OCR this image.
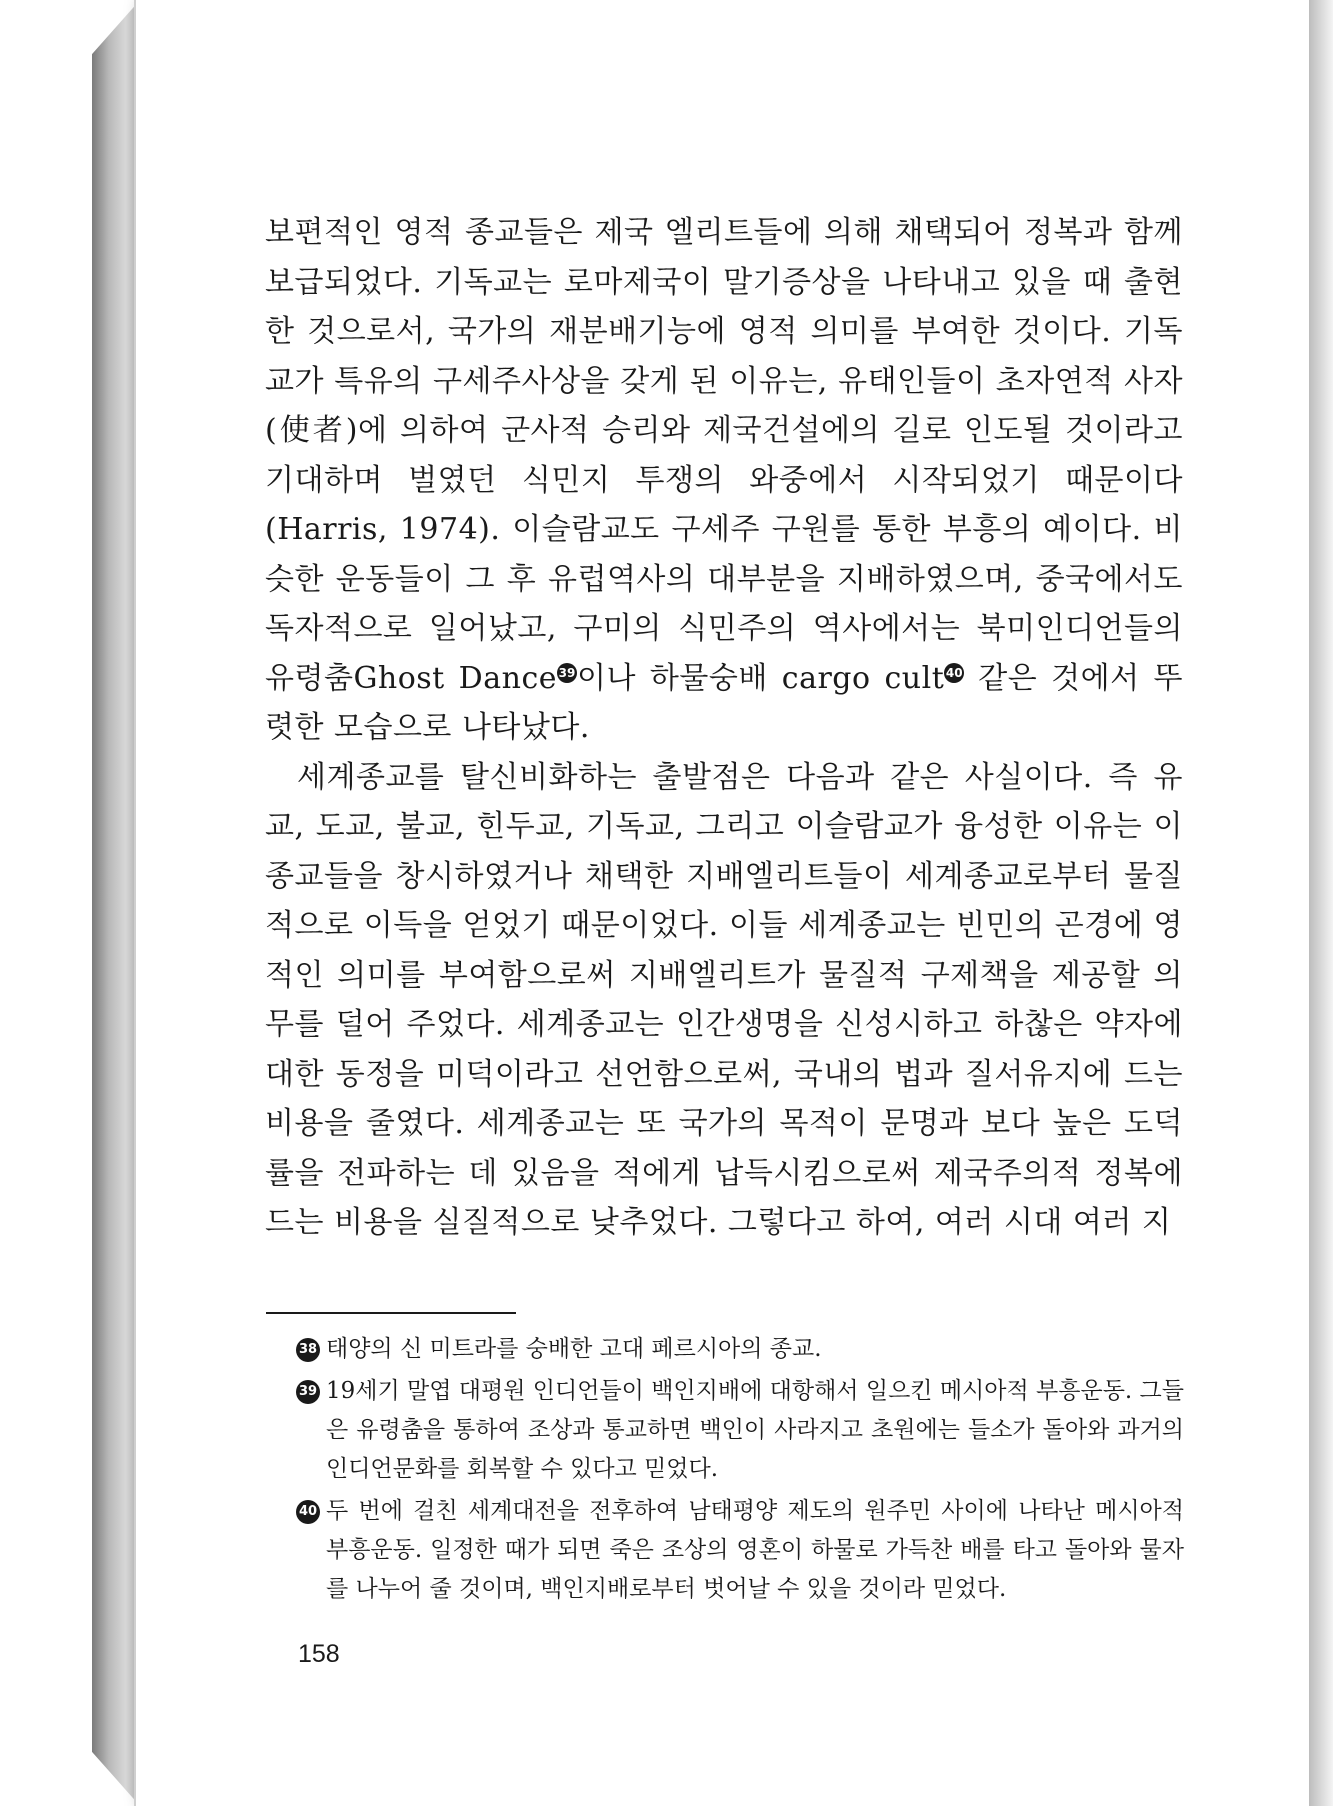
보편적인 영적 종교들은 제국 엘리트들에 의해 채택되어 정복과 함께 보급되었다. 기독교는 로마제국이 말기증상을 나타내고 있을 때 출현한 것으로서, 국가의 재분배기능에 영적 의미를 부여한 것이다. 기독교가 특유의 구세주사상을 갖게 된 이유는, 유태인들이 초자연적 사자(使者)에 의하여 군사적 승리와 제국건설에의 길로 인도될 것이라고 기대하며 벌였던 식민지 투쟁의 와중에서 시작되었기 때문이다(Harris, 1974). 이슬람교도 구세주 구원를 통한 부흥의 예이다. 비슷한 운동들이 그 후 유럽역사의 대부분을 지배하였으며, 중국에서도 독자적으로 일어났고, 구미의 식민주의 역사에서는 북미인디언들의 유령춤Ghost Dance 39이나 하물숭배 cargo cult 40 같은 것에서 뚜렷한 모습으로 나타났다.

세계종교를 탈신비화하는 출발점은 다음과 같은 사실이다. 즉 유교, 도교, 불교, 힌두교, 기독교, 그리고 이슬람교가 융성한 이유는 이 종교들을 창시하였거나 채택한 지배엘리트들이 세계종교로부터 물질적으로 이득을 얻었기 때문이었다. 이들 세계종교는 빈민의 곤경에 영적인 의미를 부여함으로써 지배엘리트가 물질적 구제책을 제공할 의무를 덜어 주었다. 세계종교는 인간생명을 신성시하고 하찮은 약자에 대한 동정을 미덕이라고 선언함으로써, 국내의 법과 질서유지에 드는 비용을 줄였다. 세계종교는 또 국가의 목적이 문명과 보다 높은 도덕률을 전파하는 데 있음을 적에게 납득시킴으로써 제국주의적 정복에 드는 비용을 실질적으로 낮추었다. 그렇다고 하여, 여러 시대 여러 지

38 태양의 신 미트라를 숭배한 고대 페르시아의 종교.
39 19세기 말엽 대평원 인디언들이 백인지배에 대항해서 일으킨 메시아적 부흥운동. 그들은 유령춤을 통하여 조상과 통교하면 백인이 사라지고 초원에는 들소가 돌아와 과거의 인디언문화를 회복할 수 있다고 믿었다.
40 두 번에 걸친 세계대전을 전후하여 남태평양 제도의 원주민 사이에 나타난 메시아적 부흥운동. 일정한 때가 되면 죽은 조상의 영혼이 하물로 가득찬 배를 타고 돌아와 물자를 나누어 줄 것이며, 백인지배로부터 벗어날 수 있을 것이라 믿었다.
158
